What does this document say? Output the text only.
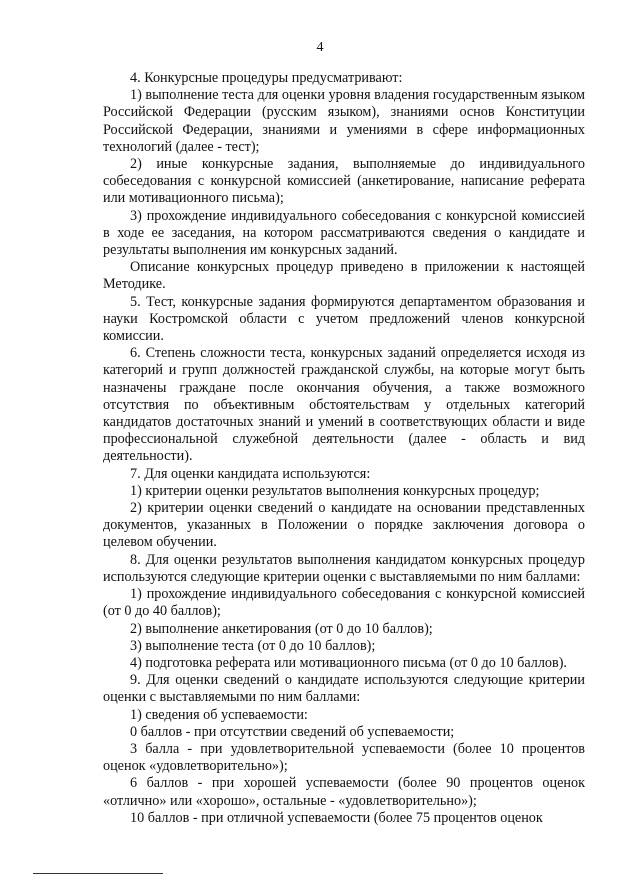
4

4. Конкурсные процедуры предусматривают:

1) выполнение теста для оценки уровня владения государственным языком Российской Федерации (русским языком), знаниями основ Конституции Российской Федерации, знаниями и умениями в сфере информационных технологий (далее - тест);

2) иные конкурсные задания, выполняемые до индивидуального собеседования с конкурсной комиссией (анкетирование, написание реферата или мотивационного письма);

3) прохождение индивидуального собеседования с конкурсной комиссией в ходе ее заседания, на котором рассматриваются сведения о кандидате и результаты выполнения им конкурсных заданий.

Описание конкурсных процедур приведено в приложении к настоящей Методике.

5. Тест, конкурсные задания формируются департаментом образования и науки Костромской области с учетом предложений членов конкурсной комиссии.

6. Степень сложности теста, конкурсных заданий определяется исходя из категорий и групп должностей гражданской службы, на которые могут быть назначены граждане после окончания обучения, а также возможного отсутствия по объективным обстоятельствам у отдельных категорий кандидатов достаточных знаний и умений в соответствующих области и виде профессиональной служебной деятельности (далее - область и вид деятельности).

7. Для оценки кандидата используются:

1) критерии оценки результатов выполнения конкурсных процедур;

2) критерии оценки сведений о кандидате на основании представленных документов, указанных в Положении о порядке заключения договора о целевом обучении.

8. Для оценки результатов выполнения кандидатом конкурсных процедур используются следующие критерии оценки с выставляемыми по ним баллами:

1) прохождение индивидуального собеседования с конкурсной комиссией (от 0 до 40 баллов);

2) выполнение анкетирования (от 0 до 10 баллов);

3) выполнение теста (от 0 до 10 баллов);

4) подготовка реферата или мотивационного письма (от 0 до 10 баллов).

9. Для оценки сведений о кандидате используются следующие критерии оценки с выставляемыми по ним баллами:

1) сведения об успеваемости:

0 баллов - при отсутствии сведений об успеваемости;

3 балла - при удовлетворительной успеваемости (более 10 процентов оценок «удовлетворительно»);

6 баллов - при хорошей успеваемости (более 90 процентов оценок «отлично» или «хорошо», остальные - «удовлетворительно»);

10 баллов - при отличной успеваемости (более 75 процентов оценок
